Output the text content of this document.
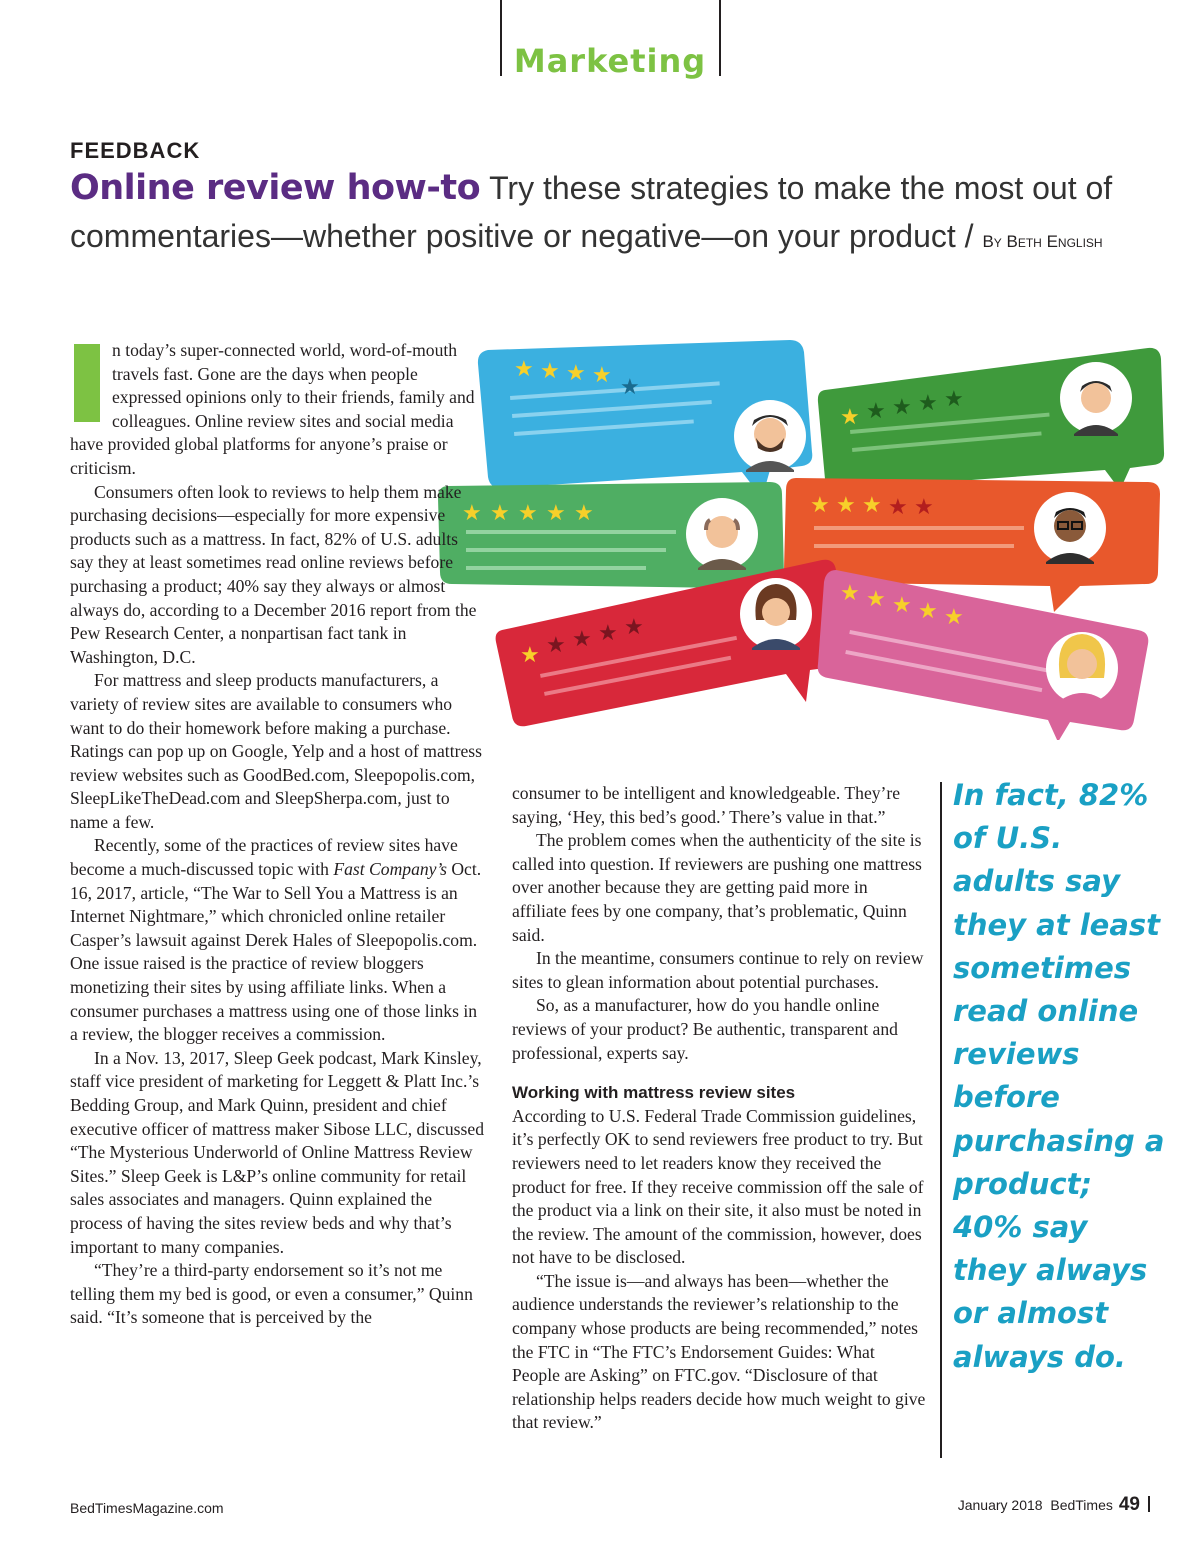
Marketing
FEEDBACK
Online review how-to Try these strategies to make the most out of commentaries—whether positive or negative—on your product / By Beth English
★ ★ ★ ★ ★
★ ★ ★ ★ ★
★ ★ ★ ★ ★	★ ★ ★ ★ ★
★ ★ ★ ★ ★
★ ★ ★ ★ ★

n today’s super-connected world, word-of-mouth travels fast. Gone are the days when people expressed opinions only to their friends, family and colleagues. Online review sites and social media have provided global platforms for anyone’s praise or criticism.

Consumers often look to reviews to help them make purchasing decisions—especially for more expensive products such as a mattress. In fact, 82% of U.S. adults say they at least sometimes read online reviews before purchasing a product; 40% say they always or almost always do, according to a December 2016 report from the Pew Research Center, a nonpartisan fact tank in Washington, D.C.

For mattress and sleep products manufacturers, a variety of review sites are available to consumers who want to do their homework before making a purchase. Ratings can pop up on Google, Yelp and a host of mattress review websites such as GoodBed.com, Sleepopolis.com, SleepLikeTheDead.com and SleepSherpa.com, just to name a few.

Recently, some of the practices of review sites have become a much-discussed topic with Fast Company’s Oct. 16, 2017, article, “The War to Sell You a Mattress is an Internet Nightmare,” which chronicled online retailer Casper’s lawsuit against Derek Hales of Sleepopolis.com. One issue raised is the practice of review bloggers monetizing their sites by using affiliate links. When a consumer purchases a mattress using one of those links in a review, the blogger receives a commission.

In a Nov. 13, 2017, Sleep Geek podcast, Mark Kinsley, staff vice president of marketing for Leggett & Platt Inc.’s Bedding Group, and Mark Quinn, president and chief executive officer of mattress maker Sibose LLC, discussed “The Mysterious Underworld of Online Mattress Review Sites.” Sleep Geek is L&P’s online community for retail sales associates and managers. Quinn explained the process of having the sites review beds and why that’s important to many companies.

“They’re a third-party endorsement so it’s not me telling them my bed is good, or even a consumer,” Quinn said. “It’s someone that is perceived by the

consumer to be intelligent and knowledgeable. They’re saying, ‘Hey, this bed’s good.’ There’s value in that.”

The problem comes when the authenticity of the site is called into question. If reviewers are pushing one mattress over another because they are getting paid more in affiliate fees by one company, that’s problematic, Quinn said.

In the meantime, consumers continue to rely on review sites to glean information about potential purchases.

So, as a manufacturer, how do you handle online reviews of your product? Be authentic, transparent and professional, experts say.

Working with mattress review sites

According to U.S. Federal Trade Commission guidelines, it’s perfectly OK to send reviewers free product to try. But reviewers need to let readers know they received the product for free. If they receive commission off the sale of the product via a link on their site, it also must be noted in the review. The amount of the commission, however, does not have to be disclosed.

“The issue is—and always has been—whether the audience understands the reviewer’s relationship to the company whose products are being recommended,” notes the FTC in “The FTC’s Endorsement Guides: What People are Asking” on FTC.gov. “Disclosure of that relationship helps readers decide how much weight to give that review.”

In fact, 82% of U.S. adults say they at least sometimes read online reviews before purchasing a product; 40% say they always or almost always do.
BedTimesMagazine.com	January 2018  BedTimes 49
